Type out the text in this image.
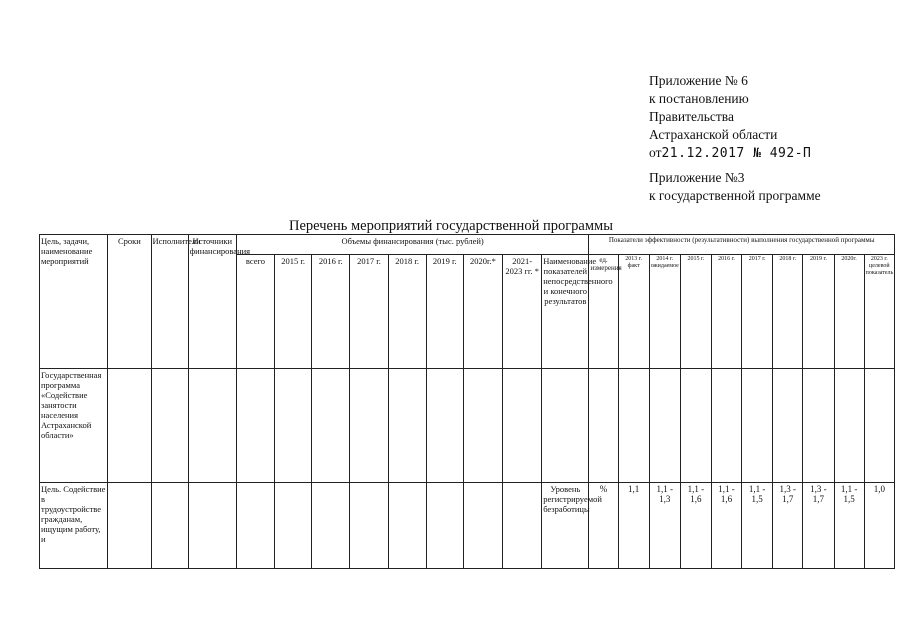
Приложение № 6
к постановлению
Правительства
Астраханской области
от21.12.2017 № 492-П
Приложение №3
к государственной программе
Перечень мероприятий государственной программы
Цель, задачи, наименование мероприятий	Сроки	Исполнители	Источники финансирования	Объемы финансирования (тыс. рублей)									Показатели эффективности (результативности) выполнения государственной программы									
				всего	2015 г.	2016 г.	2017 г.	2018 г.	2019 г.	2020г.*	2021-2023 гг. *	Наименование показателей непосредственного и конечного результатов	ед. измерения	2013 г. факт	2014 г. ожидаемое	2015 г.	2016 г.	2017 г.	2018 г.	2019 г.	2020г.	2023 г. целевой показатель
Государственная программа «Содействие занятости населения Астраханской области»																						
Цель. Содействие в трудоустройстве гражданам, ищущим работу, и												Уровень регистрируемой безработицы	%	1,1	1,1 - 1,3	1,1 - 1,6	1,1 - 1,6	1,1 - 1,5	1,3 - 1,7	1,3 - 1,7	1,1 - 1,5	1,0
